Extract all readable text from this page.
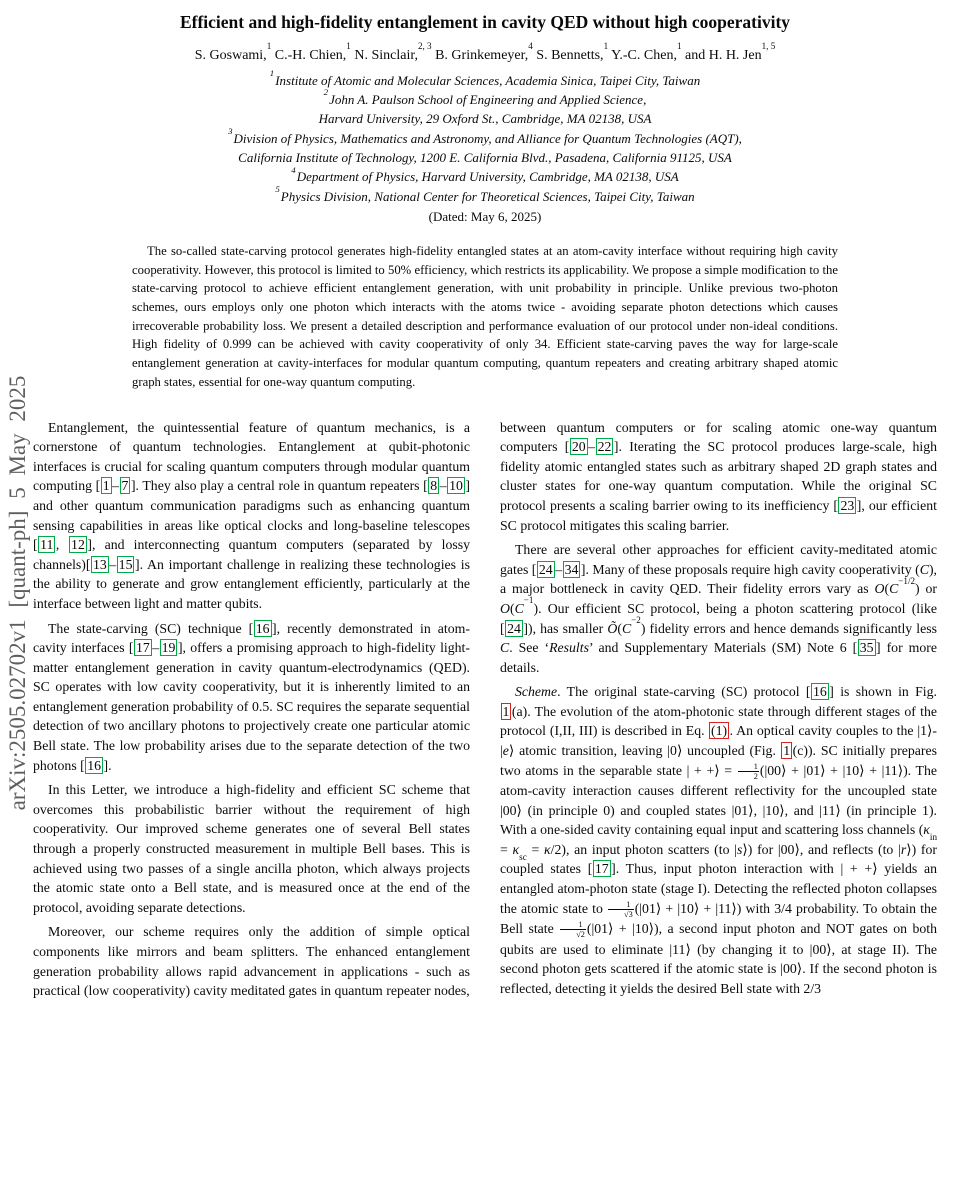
arXiv:2505.02702v1 [quant-ph] 5 May 2025
Efficient and high-fidelity entanglement in cavity QED without high cooperativity
S. Goswami,$^1$ C.-H. Chien,$^1$ N. Sinclair,$^{2, 3}$ B. Grinkemeyer,$^4$ S. Bennetts,$^1$ Y.-C. Chen,$^1$ and H. H. Jen$^{1, 5}$
$^1$Institute of Atomic and Molecular Sciences, Academia Sinica, Taipei City, Taiwan
$^2$John A. Paulson School of Engineering and Applied Science,
Harvard University, 29 Oxford St., Cambridge, MA 02138, USA
$^3$Division of Physics, Mathematics and Astronomy, and Alliance for Quantum Technologies (AQT),
California Institute of Technology, 1200 E. California Blvd., Pasadena, California 91125, USA
$^4$Department of Physics, Harvard University, Cambridge, MA 02138, USA
$^5$Physics Division, National Center for Theoretical Sciences, Taipei City, Taiwan
(Dated: May 6, 2025)
The so-called state-carving protocol generates high-fidelity entangled states at an atom-cavity interface without requiring high cavity cooperativity. However, this protocol is limited to 50% efficiency, which restricts its applicability. We propose a simple modification to the state-carving protocol to achieve efficient entanglement generation, with unit probability in principle. Unlike previous two-photon schemes, ours employs only one photon which interacts with the atoms twice - avoiding separate photon detections which causes irrecoverable probability loss. We present a detailed description and performance evaluation of our protocol under non-ideal conditions. High fidelity of 0.999 can be achieved with cavity cooperativity of only 34. Efficient state-carving paves the way for large-scale entanglement generation at cavity-interfaces for modular quantum computing, quantum repeaters and creating arbitrary shaped atomic graph states, essential for one-way quantum computing.

Entanglement, the quintessential feature of quantum mechanics, is a cornerstone of quantum technologies. Entanglement at qubit-photonic interfaces is crucial for scaling quantum computers through modular quantum computing [ 1 – 7 ]. They also play a central role in quantum repeaters [ 8 – 10 ] and other quantum communication paradigms such as enhancing quantum sensing capabilities in areas like optical clocks and long-baseline telescopes [ 11 , 12 ], and interconnecting quantum computers (separated by lossy channels)[ 13 – 15 ]. An important challenge in realizing these technologies is the ability to generate and grow entanglement efficiently, particularly at the interface between light and matter qubits.

The state-carving (SC) technique [ 16 ], recently demonstrated in atom-cavity interfaces [ 17 – 19 ], offers a promising approach to high-fidelity light-matter entanglement generation in cavity quantum-electrodynamics (QED). SC operates with low cavity cooperativity, but it is inherently limited to an entanglement generation probability of 0.5. SC requires the separate sequential detection of two ancillary photons to projectively create one particular atomic Bell state. The low probability arises due to the separate detection of the two photons [ 16 ].

In this Letter, we introduce a high-fidelity and efficient SC scheme that overcomes this probabilistic barrier without the requirement of high cooperativity. Our improved scheme generates one of several Bell states through a properly constructed measurement in multiple Bell bases. This is achieved using two passes of a single ancilla photon, which always projects the atomic state onto a Bell state, and is measured once at the end of the protocol, avoiding separate detections.

Moreover, our scheme requires only the addition of simple optical components like mirrors and beam splitters. The enhanced entanglement generation probability allows rapid advancement in applications - such as practical (low cooperativity) cavity meditated gates in quantum repeater nodes,

between quantum computers or for scaling atomic one-way quantum computers [ 20 – 22 ]. Iterating the SC protocol produces large-scale, high fidelity atomic entangled states such as arbitrary shaped 2D graph states and cluster states for one-way quantum computation. While the original SC protocol presents a scaling barrier owing to its inefficiency [ 23 ], our efficient SC protocol mitigates this scaling barrier.

There are several other approaches for efficient cavity-meditated atomic gates [ 24 – 34 ]. Many of these proposals require high cavity cooperativity (C), a major bottleneck in cavity QED. Their fidelity errors vary as $O(C^{-1/2})$ or $O(C^{-1})$. Our efficient SC protocol, being a photon scattering protocol (like [ 24 ]), has smaller $Õ(C^{-2})$ fidelity errors and hence demands significantly less C. See ‘Results’ and Supplementary Materials (SM) Note 6 [ 35 ] for more details.

Scheme. The original state-carving (SC) protocol [ 16 ] is shown in Fig. 1 (a). The evolution of the atom-photonic state through different stages of the protocol (I,II, III) is described in Eq. (1) . An optical cavity couples to the |1⟩-|e⟩ atomic transition, leaving |0⟩ uncoupled (Fig. 1 (c)). SC initially prepares two atoms in the separable state | + +⟩ = $\frac{1}{2}$ (|00⟩ + |01⟩ + |10⟩ + |11⟩). The atom-cavity interaction causes different reflectivity for the uncoupled state |00⟩ (in principle 0) and coupled states |01⟩, |10⟩, and |11⟩ (in principle 1). With a one-sided cavity containing equal input and scattering loss channels $(\kappa_{in} = \kappa_{sc} = \kappa/2)$, an input photon scatters (to |s⟩) for |00⟩, and reflects (to |r⟩) for coupled states [ 17 ]. Thus, input photon interaction with | + +⟩ yields an entangled atom-photon state (stage I). Detecting the reflected photon collapses the atomic state to $\frac{1}{√3}$ (|01⟩ + |10⟩ + |11⟩) with 3/4 probability. To obtain the Bell state $\frac{1}{√2}$ (|01⟩ + |10⟩), a second input photon and NOT gates on both qubits are used to eliminate |11⟩ (by changing it to |00⟩, at stage II). The second photon gets scattered if the atomic state is |00⟩. If the second photon is reflected, detecting it yields the desired Bell state with 2/3
